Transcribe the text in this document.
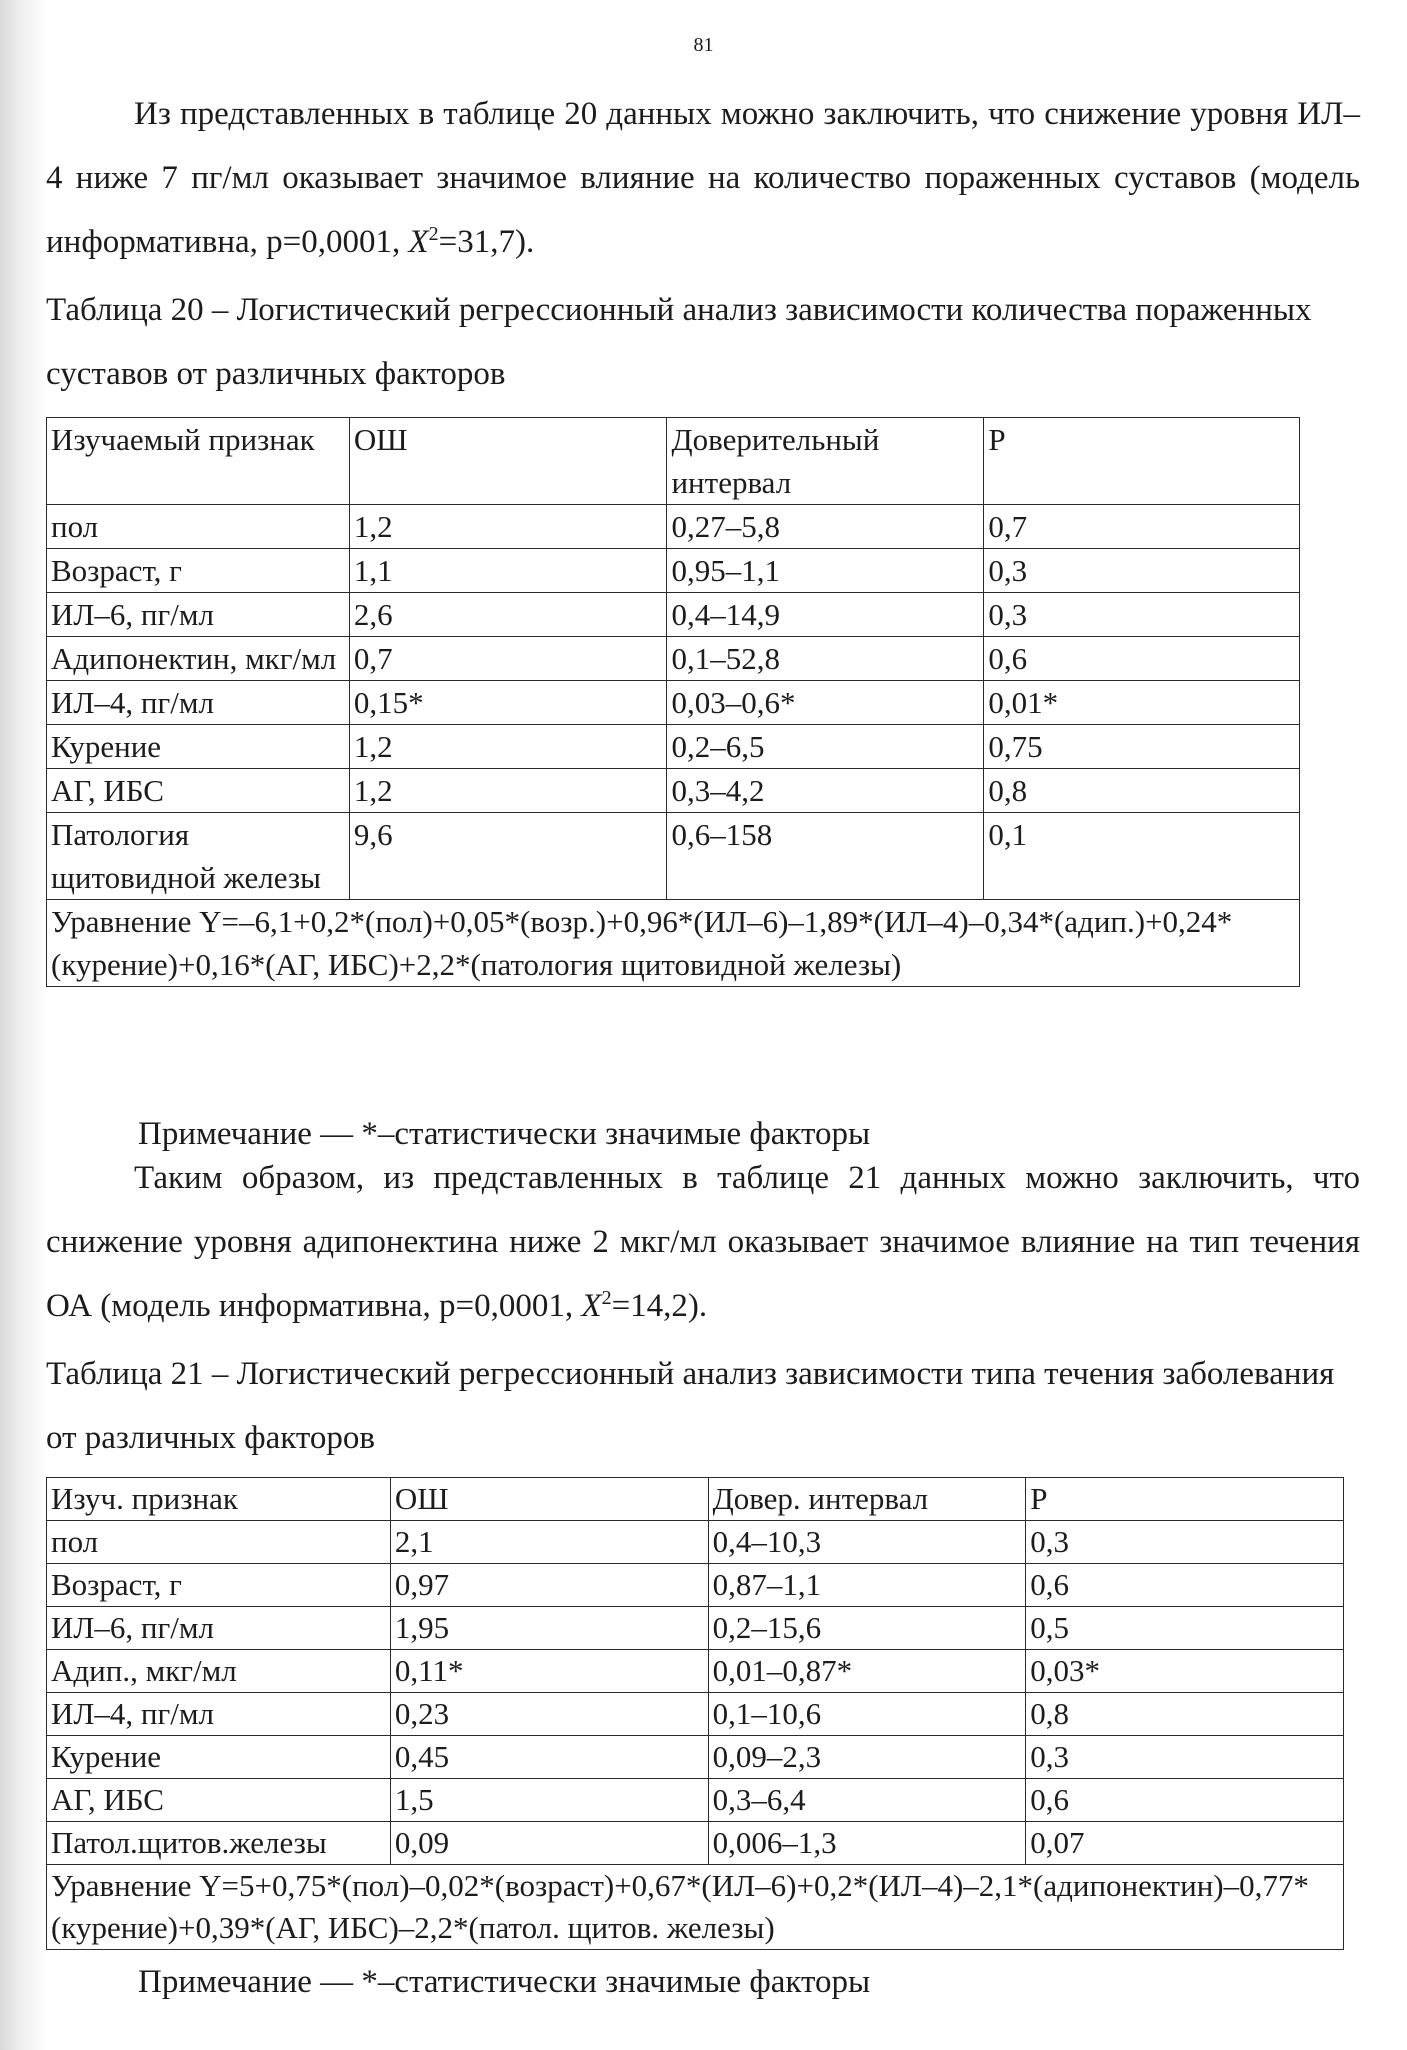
81
Из представленных в таблице 20 данных можно заключить, что снижение уровня ИЛ–4 ниже 7 пг/мл оказывает значимое влияние на количество пораженных суставов (модель информативна, р=0,0001, $X^2=31,7$).
Таблица 20 – Логистический регрессионный анализ зависимости количества пораженных суставов от различных факторов
Изучаемый признак	ОШ	Доверительный интервал	Р
пол	1,2	0,27–5,8	0,7
Возраст, г	1,1	0,95–1,1	0,3
ИЛ–6, пг/мл	2,6	0,4–14,9	0,3
Адипонектин, мкг/мл	0,7	0,1–52,8	0,6
ИЛ–4, пг/мл	0,15*	0,03–0,6*	0,01*
Курение	1,2	0,2–6,5	0,75
АГ, ИБС	1,2	0,3–4,2	0,8
Патология щитовидной железы	9,6	0,6–158	0,1
Уравнение Y=–6,1+0,2*(пол)+0,05*(возр.)+0,96*(ИЛ–6)–1,89*(ИЛ–4)–0,34*(адип.)+0,24*(курение)+0,16*(АГ, ИБС)+2,2*(патология щитовидной железы)			
Примечание — *–статистически значимые факторы
Таким образом, из представленных в таблице 21 данных можно заключить, что снижение уровня адипонектина ниже 2 мкг/мл оказывает значимое влияние на тип течения ОА (модель информативна, р=0,0001, $X^2=14,2$).
Таблица 21 – Логистический регрессионный анализ зависимости типа течения заболевания от различных факторов
Изуч. признак	ОШ	Довер. интервал	Р
пол	2,1	0,4–10,3	0,3
Возраст, г	0,97	0,87–1,1	0,6
ИЛ–6, пг/мл	1,95	0,2–15,6	0,5
Адип., мкг/мл	0,11*	0,01–0,87*	0,03*
ИЛ–4, пг/мл	0,23	0,1–10,6	0,8
Курение	0,45	0,09–2,3	0,3
АГ, ИБС	1,5	0,3–6,4	0,6
Патол.щитов.железы	0,09	0,006–1,3	0,07
Уравнение Y=5+0,75*(пол)–0,02*(возраст)+0,67*(ИЛ–6)+0,2*(ИЛ–4)–2,1*(адипонектин)–0,77*(курение)+0,39*(АГ, ИБС)–2,2*(патол. щитов. железы)			
Примечание — *–статистически значимые факторы
